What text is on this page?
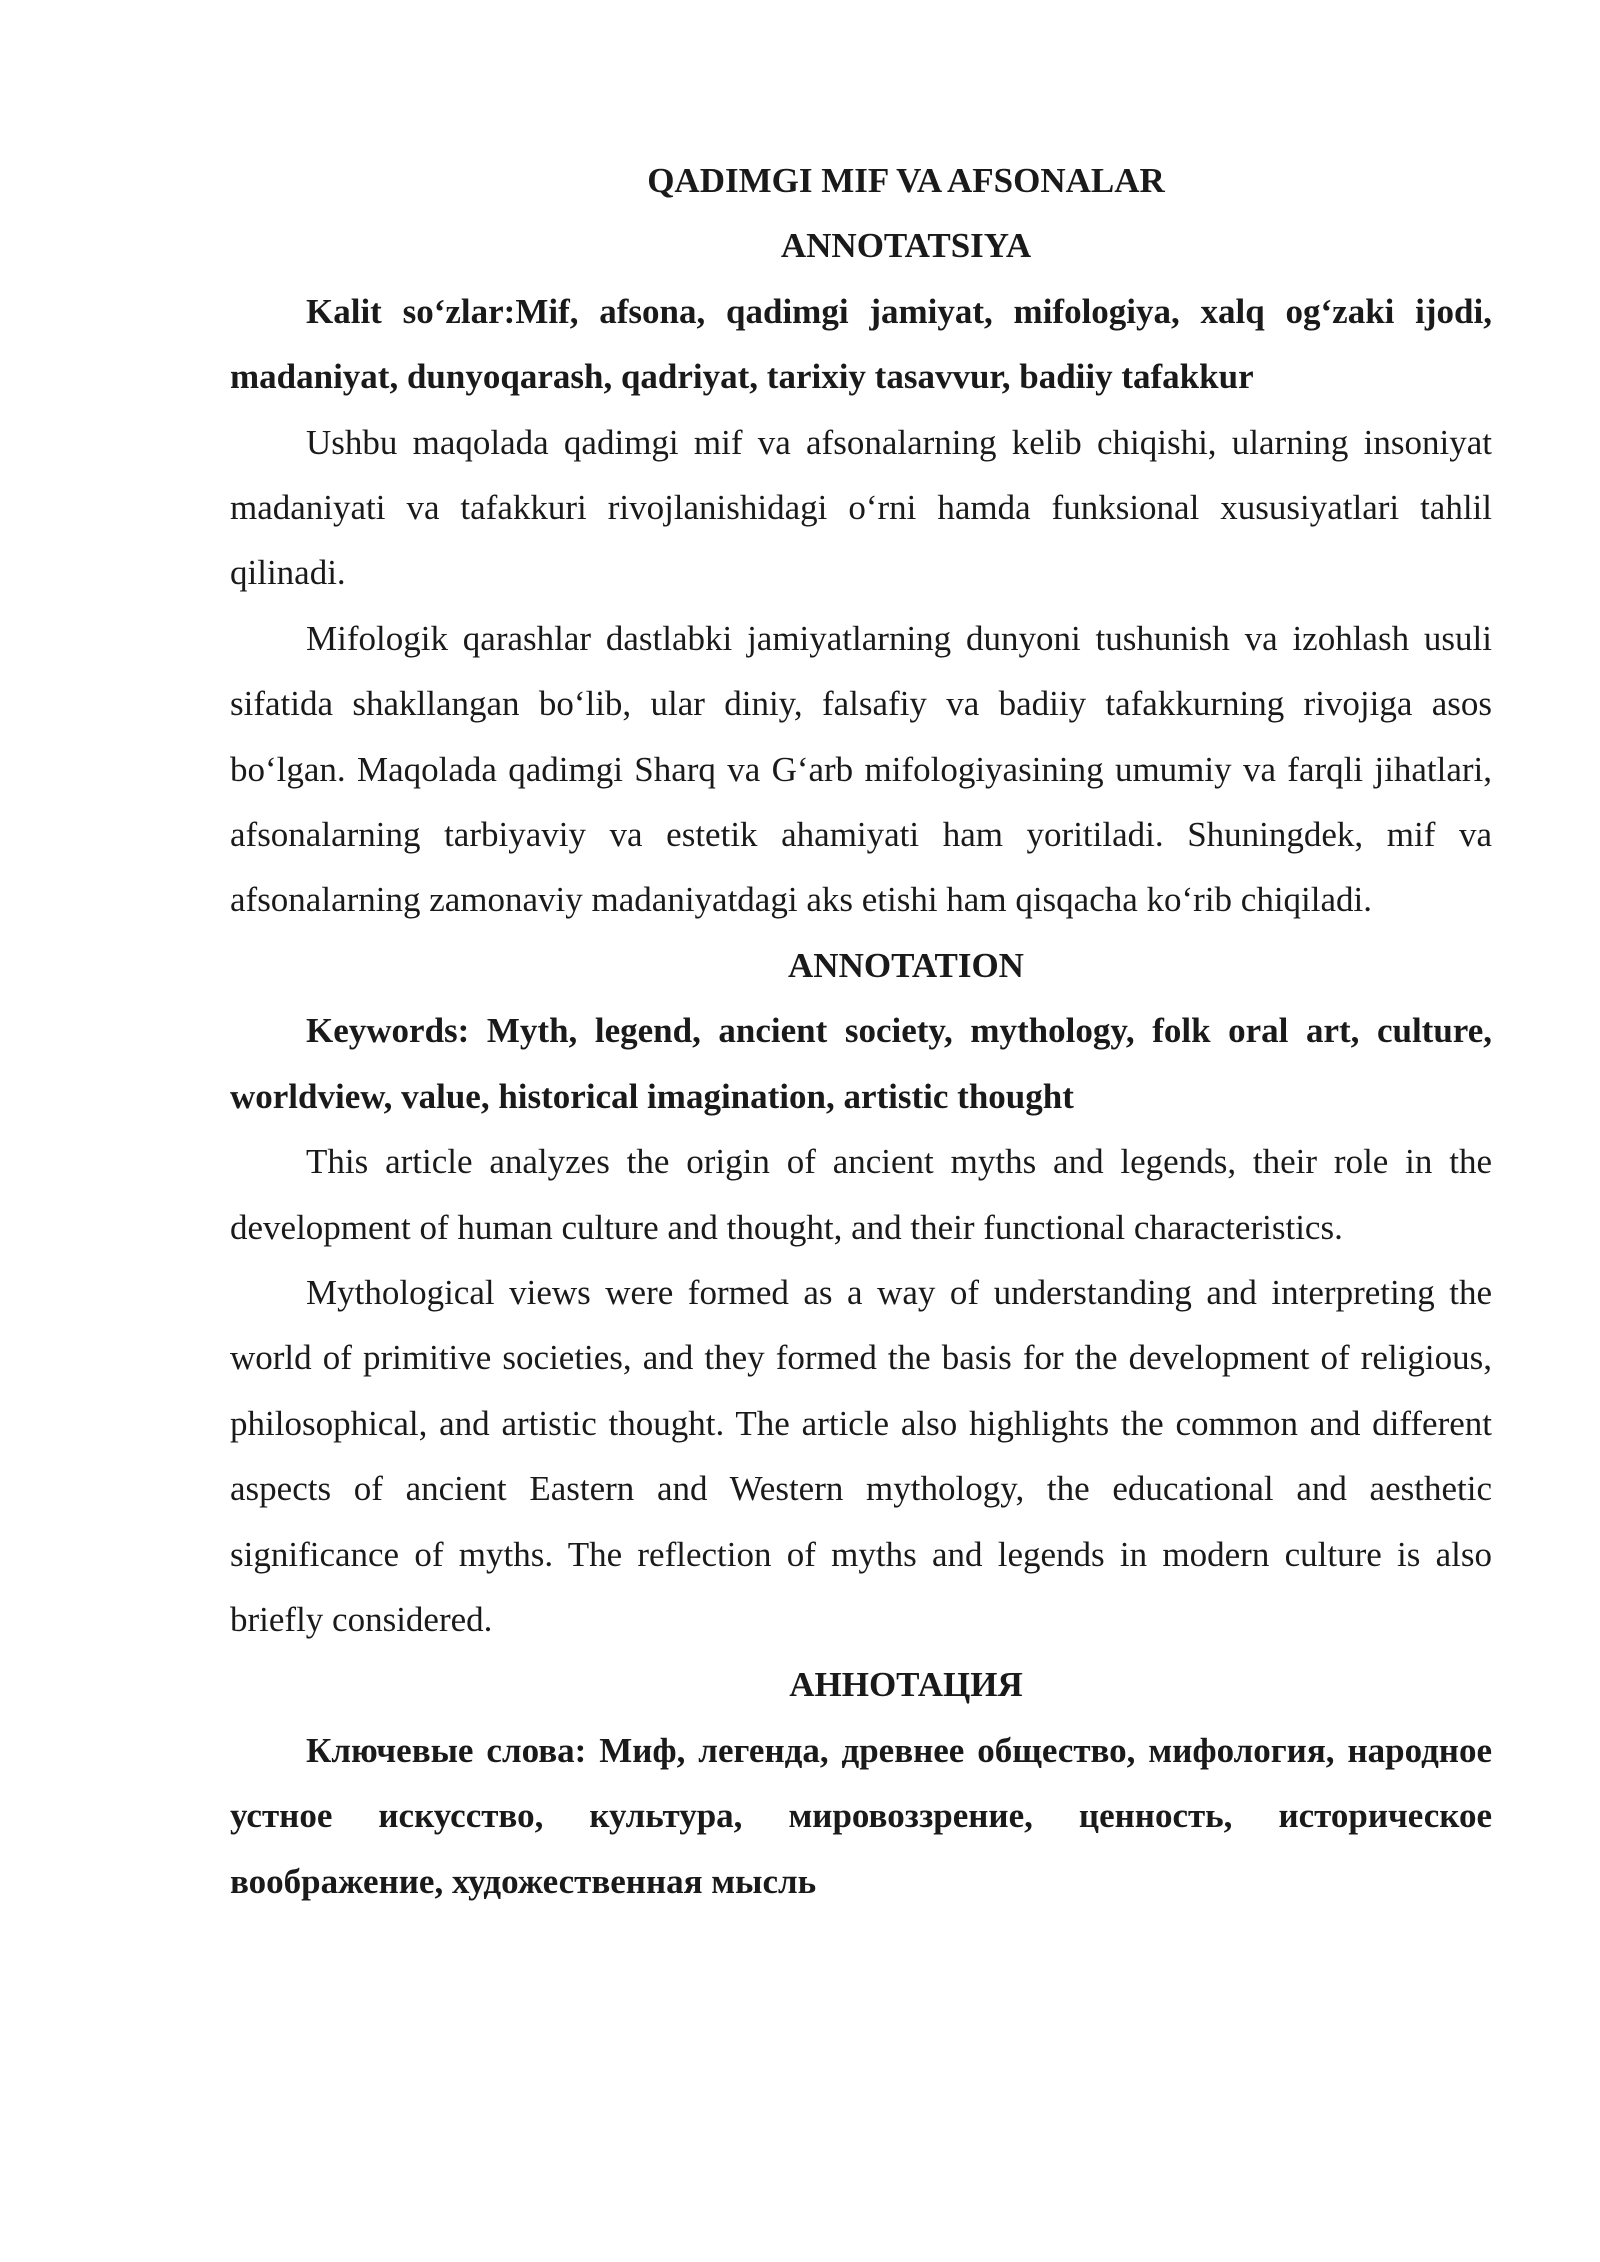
QADIMGI MIF VA AFSONALAR

ANNOTATSIYA

Kalit so‘zlar:Mif, afsona, qadimgi jamiyat, mifologiya, xalq og‘zaki ijodi, madaniyat, dunyoqarash, qadriyat, tarixiy tasavvur, badiiy tafakkur

Ushbu maqolada qadimgi mif va afsonalarning kelib chiqishi, ularning insoniyat madaniyati va tafakkuri rivojlanishidagi o‘rni hamda funksional xususiyatlari tahlil qilinadi.

Mifologik qarashlar dastlabki jamiyatlarning dunyoni tushunish va izohlash usuli sifatida shakllangan bo‘lib, ular diniy, falsafiy va badiiy tafakkurning rivojiga asos bo‘lgan. Maqolada qadimgi Sharq va G‘arb mifologiyasining umumiy va farqli jihatlari, afsonalarning tarbiyaviy va estetik ahamiyati ham yoritiladi. Shuningdek, mif va afsonalarning zamonaviy madaniyatdagi aks etishi ham qisqacha ko‘rib chiqiladi.

ANNOTATION

Keywords: Myth, legend, ancient society, mythology, folk oral art, culture, worldview, value, historical imagination, artistic thought

This article analyzes the origin of ancient myths and legends, their role in the development of human culture and thought, and their functional characteristics.

Mythological views were formed as a way of understanding and interpreting the world of primitive societies, and they formed the basis for the development of religious, philosophical, and artistic thought. The article also highlights the common and different aspects of ancient Eastern and Western mythology, the educational and aesthetic significance of myths. The reflection of myths and legends in modern culture is also briefly considered.

АННОТАЦИЯ

Ключевые слова: Миф, легенда, древнее общество, мифология, народное устное искусство, культура, мировоззрение, ценность, историческое воображение, художественная мысль
